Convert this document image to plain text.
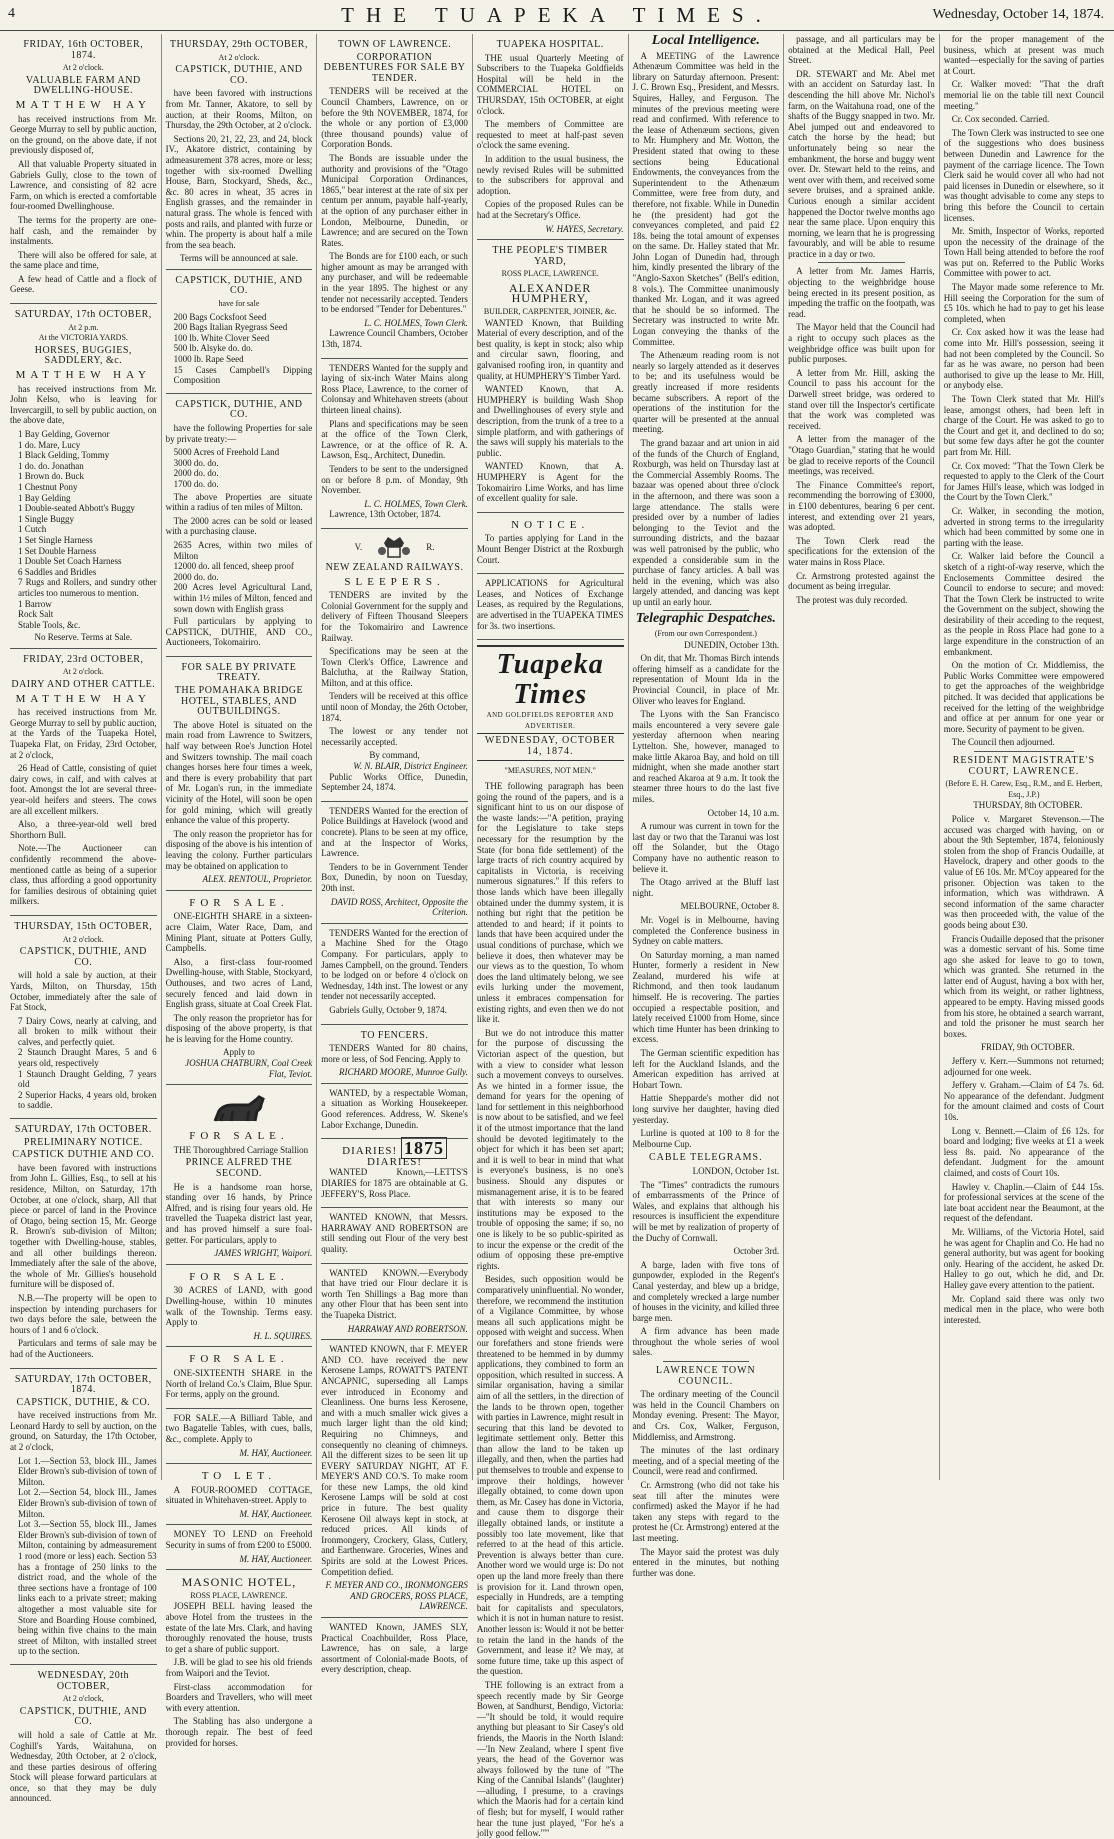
4	THE TUAPEKA TIMES.	Wednesday, October 14, 1874.
FRIDAY, 16th OCTOBER, 1874.
At 2 o'clock.
VALUABLE FARM AND DWELLING-HOUSE.
MATTHEW HAY

has received instructions from Mr. George Murray to sell by public auction, on the ground, on the above date, if not previously disposed of,

All that valuable Property situated in Gabriels Gully, close to the town of Lawrence, and consisting of 82 acre Farm, on which is erected a comfortable four-roomed Dwellinghouse.

The terms for the property are one-half cash, and the remainder by instalments.

There will also be offered for sale, at the same place and time,

A few head of Cattle and a flock of Geese.

SATURDAY, 17th OCTOBER,
At 2 p.m.
At the VICTORIA YARDS.
HORSES, BUGGIES, SADDLERY, &c.
MATTHEW HAY

has received instructions from Mr. John Kelso, who is leaving for Invercargill, to sell by public auction, on the above date,

1 Bay Gelding, Governor
1 do. Mare, Lucy
1 Black Gelding, Tommy
1 do. do. Jonathan
1 Brown do. Buck
1 Chestnut Pony
1 Bay Gelding
1 Double-seated Abbott's Buggy
1 Single Buggy
1 Cutch
1 Set Single Harness
1 Set Double Harness
1 Double Set Coach Harness
6 Saddles and Bridles
7 Rugs and Rollers, and sundry other articles too numerous to mention.
1 Barrow
Rock Salt
Stable Tools, &c.
No Reserve. Terms at Sale.
FRIDAY, 23rd OCTOBER,
At 2 o'clock.
DAIRY AND OTHER CATTLE.
MATTHEW HAY

has received instructions from Mr. George Murray to sell by public auction, at the Yards of the Tuapeka Hotel, Tuapeka Flat, on Friday, 23rd October, at 2 o'clock,

26 Head of Cattle, consisting of quiet dairy cows, in calf, and with calves at foot. Amongst the lot are several three-year-old heifers and steers. The cows are all excellent milkers.

Also, a three-year-old well bred Shorthorn Bull.

Note.—The Auctioneer can confidently recommend the above-mentioned cattle as being of a superior class, thus affording a good opportunity for families desirous of obtaining quiet milkers.

THURSDAY, 15th OCTOBER,
At 2 o'clock.
CAPSTICK, DUTHIE, AND CO.

will hold a sale by auction, at their Yards, Milton, on Thursday, 15th October, immediately after the sale of Fat Stock,

7 Dairy Cows, nearly at calving, and all broken to milk without their calves, and perfectly quiet.
2 Staunch Draught Mares, 5 and 6 years old, respectively
1 Staunch Draught Gelding, 7 years old
2 Superior Hacks, 4 years old, broken to saddle.
SATURDAY, 17th OCTOBER.
PRELIMINARY NOTICE.
CAPSTICK DUTHIE AND CO.

have been favored with instructions from John L. Gillies, Esq., to sell at his residence, Milton, on Saturday, 17th October, at one o'clock, sharp, All that piece or parcel of land in the Province of Otago, being section 15, Mr. George R. Brown's sub-division of Milton; together with Dwelling-house, stables, and all other buildings thereon. Immediately after the sale of the above, the whole of Mr. Gillies's household furniture will be disposed of.

N.B.—The property will be open to inspection by intending purchasers for two days before the sale, between the hours of 1 and 6 o'clock.

Particulars and terms of sale may be had of the Auctioneers.

SATURDAY, 17th OCTOBER, 1874.
CAPSTICK, DUTHIE, & CO.

have received instructions from Mr. Leonard Hardy to sell by auction, on the ground, on Saturday, the 17th October, at 2 o'clock,

Lot 1.—Section 53, block III., James Elder Brown's sub-division of town of Milton.
Lot 2.—Section 54, block III., James Elder Brown's sub-division of town of Milton.
Lot 3.—Section 55, block III., James Elder Brown's sub-division of town of Milton, containing by admeasurement 1 rood (more or less) each. Section 53 has a frontage of 250 links to the district road, and the whole of the three sections have a frontage of 100 links each to a private street; making altogether a most valuable site for Store and Boarding House combined, being within five chains to the main street of Milton, with installed street up to the section.
WEDNESDAY, 20th OCTOBER,
At 2 o'clock,
CAPSTICK, DUTHIE, AND CO.

will hold a sale of Cattle at Mr. Coghill's Yards, Waitahuna, on Wednesday, 20th October, at 2 o'clock, and these parties desirous of offering Stock will please forward particulars at once, so that they may be duly announced.

THURSDAY, 29th OCTOBER,
At 2 o'clock.
CAPSTICK, DUTHIE, AND CO.

have been favored with instructions from Mr. Tanner, Akatore, to sell by auction, at their Rooms, Milton, on Thursday, the 29th October, at 2 o'clock.

Sections 20, 21, 22, 23, and 24, block IV., Akatore district, containing by admeasurement 378 acres, more or less; together with six-roomed Dwelling House, Barn, Stockyard, Sheds, &c., &c. 80 acres in wheat, 35 acres in English grasses, and the remainder in natural grass. The whole is fenced with posts and rails, and planted with furze or whin. The property is about half a mile from the sea beach.

Terms will be announced at sale.
CAPSTICK, DUTHIE, AND CO.
have for sale
200 Bags Cocksfoot Seed
200 Bags Italian Ryegrass Seed
100 lb. White Clover Seed
500 lb. Alsyke do. do.
1000 lb. Rape Seed
15 Cases Campbell's Dipping Composition
CAPSTICK, DUTHIE, AND CO.

have the following Properties for sale by private treaty:—

5000 Acres of Freehold Land
3000 do. do.
2000 do. do.
1700 do. do.

The above Properties are situate within a radius of ten miles of Milton.

The 2000 acres can be sold or leased with a purchasing clause.

2635 Acres, within two miles of Milton
12000 do. all fenced, sheep proof
2000 do. do.
200 Acres level Agricultural Land, within 1½ miles of Milton, fenced and sown down with English grass

Full particulars by applying to CAPSTICK, DUTHIE, AND CO., Auctioneers, Tokomairiro.

FOR SALE BY PRIVATE TREATY.
THE POMAHAKA BRIDGE HOTEL, STABLES, AND OUTBUILDINGS.

The above Hotel is situated on the main road from Lawrence to Switzers, half way between Roe's Junction Hotel and Switzers township. The mail coach changes horses here four times a week, and there is every probability that part of Mr. Logan's run, in the immediate vicinity of the Hotel, will soon be open for gold mining, which will greatly enhance the value of this property.

The only reason the proprietor has for disposing of the above is his intention of leaving the colony. Further particulars may be obtained on application to

ALEX. RENTOUL, Proprietor.
FOR SALE.

ONE-EIGHTH SHARE in a sixteen-acre Claim, Water Race, Dam, and Mining Plant, situate at Potters Gully, Campbells.

Also, a first-class four-roomed Dwelling-house, with Stable, Stockyard, Outhouses, and two acres of Land, securely fenced and laid down in English grass, situate at Coal Creek Flat.

The only reason the proprietor has for disposing of the above property, is that he is leaving for the Home country.

Apply to
JOSHUA CHATBURN, Coal Creek Flat, Teviot.
FOR SALE.

THE Thoroughbred Carriage Stallion

PRINCE ALFRED THE SECOND.

He is a handsome roan horse, standing over 16 hands, by Prince Alfred, and is rising four years old. He travelled the Tuapeka district last year, and has proved himself a sure foal-getter. For particulars, apply to

JAMES WRIGHT, Waipori.
FOR SALE.

30 ACRES of LAND, with good Dwelling-house, within 10 minutes walk of the Township. Terms easy. Apply to

H. L. SQUIRES.
FOR SALE.

ONE-SIXTEENTH SHARE in the North of Ireland Co.'s Claim, Blue Spur. For terms, apply on the ground.

FOR SALE.—A Billiard Table, and two Bagatelle Tables, with cues, balls, &c., complete. Apply to

M. HAY, Auctioneer.
TO LET.

A FOUR-ROOMED COTTAGE, situated in Whitehaven-street. Apply to

M. HAY, Auctioneer.

MONEY TO LEND on Freehold Security in sums of from £200 to £5000.

M. HAY, Auctioneer.
MASONIC HOTEL,
ROSS PLACE, LAWRENCE.

JOSEPH BELL having leased the above Hotel from the trustees in the estate of the late Mrs. Clark, and having thoroughly renovated the house, trusts to get a share of public support.

J.B. will be glad to see his old friends from Waipori and the Teviot.

First-class accommodation for Boarders and Travellers, who will meet with every attention.

The Stabling has also undergone a thorough repair. The best of feed provided for horses.

TOWN OF LAWRENCE.
CORPORATION DEBENTURES FOR SALE BY TENDER.

TENDERS will be received at the Council Chambers, Lawrence, on or before the 9th NOVEMBER, 1874, for the whole or any portion of £3,000 (three thousand pounds) value of Corporation Bonds.

The Bonds are issuable under the authority and provisions of the "Otago Municipal Corporation Ordinances, 1865," bear interest at the rate of six per centum per annum, payable half-yearly, at the option of any purchaser either in London, Melbourne, Dunedin, or Lawrence; and are secured on the Town Rates.

The Bonds are for £100 each, or such higher amount as may be arranged with any purchaser, and will be redeemable in the year 1895. The highest or any tender not necessarily accepted. Tenders to be endorsed "Tender for Debentures."

L. C. HOLMES, Town Clerk.

Lawrence Council Chambers, October 13th, 1874.

TENDERS Wanted for the supply and laying of six-inch Water Mains along Ross Place, Lawrence, to the corner of Colonsay and Whitehaven streets (about thirteen lineal chains).

Plans and specifications may be seen at the office of the Town Clerk, Lawrence, or at the office of R. A. Lawson, Esq., Architect, Dunedin.

Tenders to be sent to the undersigned on or before 8 p.m. of Monday, 9th November.

L. C. HOLMES, Town Clerk.

Lawrence, 13th October, 1874.

V.	R.
NEW ZEALAND RAILWAYS.
SLEEPERS.

TENDERS are invited by the Colonial Government for the supply and delivery of Fifteen Thousand Sleepers for the Tokomairiro and Lawrence Railway.

Specifications may be seen at the Town Clerk's Office, Lawrence and Balclutha, at the Railway Station, Milton, and at this office.

Tenders will be received at this office until noon of Monday, the 26th October, 1874.

The lowest or any tender not necessarily accepted.

By command,
W. N. BLAIR, District Engineer.

Public Works Office, Dunedin, September 24, 1874.

TENDERS Wanted for the erection of Police Buildings at Havelock (wood and concrete). Plans to be seen at my office, and at the Inspector of Works, Lawrence.

Tenders to be in Government Tender Box, Dunedin, by noon on Tuesday, 20th inst.

DAVID ROSS, Architect, Opposite the Criterion.

TENDERS Wanted for the erection of a Machine Shed for the Otago Company. For particulars, apply to James Campbell, on the ground. Tenders to be lodged on or before 4 o'clock on Wednesday, 14th inst. The lowest or any tender not necessarily accepted.

Gabriels Gully, October 9, 1874.

TO FENCERS.

TENDERS Wanted for 80 chains, more or less, of Sod Fencing. Apply to

RICHARD MOORE, Munroe Gully.

WANTED, by a respectable Woman, a situation as Working Housekeeper. Good references. Address, W. Skene's Labor Exchange, Dunedin.

DIARIES! 1875 DIARIES!

WANTED Known,—LETTS'S DIARIES for 1875 are obtainable at G. JEFFERY'S, Ross Place.

WANTED KNOWN, that Messrs. HARRAWAY AND ROBERTSON are still sending out Flour of the very best quality.

WANTED KNOWN.—Everybody that have tried our Flour declare it is worth Ten Shillings a Bag more than any other Flour that has been sent into the Tuapeka District.

HARRAWAY AND ROBERTSON.

WANTED KNOWN, that F. MEYER AND CO. have received the new Kerosene Lamps, ROWATT'S PATENT ANCAPNIC, superseding all Lamps ever introduced in Economy and Cleanliness. One burns less Kerosene, and with a much smaller wick gives a much larger light than the old kind; Requiring no Chimneys, and consequently no cleaning of chimneys. All the different sizes to be seen lit up EVERY SATURDAY NIGHT, AT F. MEYER'S AND CO.'S. To make room for these new Lamps, the old kind Kerosene Lamps will be sold at cost price in future. The best quality Kerosene Oil always kept in stock, at reduced prices. All kinds of Ironmongery, Crockery, Glass, Cutlery, and Earthenware. Groceries, Wines and Spirits are sold at the Lowest Prices. Competition defied.

F. MEYER AND CO., IRONMONGERS AND GROCERS, ROSS PLACE, LAWRENCE.

WANTED Known, JAMES SLY, Practical Coachbuilder, Ross Place, Lawrence, has on sale, a large assortment of Colonial-made Boots, of every description, cheap.

TUAPEKA HOSPITAL.

THE usual Quarterly Meeting of Subscribers to the Tuapeka Goldfields Hospital will be held in the COMMERCIAL HOTEL on THURSDAY, 15th OCTOBER, at eight o'clock.

The members of Committee are requested to meet at half-past seven o'clock the same evening.

In addition to the usual business, the newly revised Rules will be submitted to the subscribers for approval and adoption.

Copies of the proposed Rules can be had at the Secretary's Office.

W. HAYES, Secretary.
THE PEOPLE'S TIMBER YARD,
ROSS PLACE, LAWRENCE.
ALEXANDER HUMPHERY,
BUILDER, CARPENTER, JOINER, &c.

WANTED Known, that Building Material of every description, and of the best quality, is kept in stock; also whip and circular sawn, flooring, and galvanised roofing iron, in quantity and quality, at HUMPHERY'S Timber Yard.

WANTED Known, that A. HUMPHERY is building Wash Shop and Dwellinghouses of every style and description, from the trunk of a tree to a simple platform, and with gatherings of the saws will supply his materials to the public.

WANTED Known, that A. HUMPHERY is Agent for the Tokomairiro Lime Works, and has lime of excellent quality for sale.

NOTICE.

To parties applying for Land in the Mount Benger District at the Roxburgh Court.

APPLICATIONS for Agricultural Leases, and Notices of Exchange Leases, as required by the Regulations, are advertised in the TUAPEKA TIMES for 3s. two insertions.

Tuapeka Times
AND GOLDFIELDS REPORTER AND ADVERTISER.
WEDNESDAY, OCTOBER 14, 1874.
"MEASURES, NOT MEN."

THE following paragraph has been going the round of the papers, and is a significant hint to us on our dispose of the waste lands:—"A petition, praying for the Legislature to take steps necessary for the resumption by the State (for bona fide settlement) of the large tracts of rich country acquired by capitalists in Victoria, is receiving numerous signatures." If this refers to those lands which have been illegally obtained under the dummy system, it is nothing but right that the petition be attended to and heard; if it points to lands that have been acquired under the usual conditions of purchase, which we believe it does, then whatever may be our views as to the question, To whom does the land ultimately belong, we see evils lurking under the movement, unless it embraces compensation for existing rights, and even then we do not like it.

But we do not introduce this matter for the purpose of discussing the Victorian aspect of the question, but with a view to consider what lesson such a movement conveys to ourselves. As we hinted in a former issue, the demand for years for the opening of land for settlement in this neighborhood is now about to be satisfied, and we feel it of the utmost importance that the land should be devoted legitimately to the object for which it has been set apart; and it is well to bear in mind that what is everyone's business, is no one's business. Should any disputes or mismanagement arise, it is to be feared that with interests so many our institutions may be exposed to the trouble of opposing the same; if so, no one is likely to be so public-spirited as to incur the expense or the credit of the odium of opposing these pre-emptive rights.

Besides, such opposition would be comparatively uninfluential. No wonder, therefore, we recommend the institution of a Vigilance Committee, by whose means all such applications might be opposed with weight and success. When our forefathers and stone friends were threatened to be hemmed in by dummy applications, they combined to form an opposition, which resulted in success. A similar organisation, having a similar aim of all the settlers, in the direction of the lands to be thrown open, together with parties in Lawrence, might result in securing that this land be devoted to legitimate settlement only. Better this than allow the land to be taken up illegally, and then, when the parties had put themselves to trouble and expense to improve their holdings, however illegally obtained, to come down upon them, as Mr. Casey has done in Victoria, and cause them to disgorge their illegally obtained lands, or institute a possibly too late movement, like that referred to at the head of this article. Prevention is always better than cure. Another word we would urge is: Do not open up the land more freely than there is provision for it. Land thrown open, especially in Hundreds, are a tempting bait for capitalists and speculators, which it is not in human nature to resist. Another lesson is: Would it not be better to retain the land in the hands of the Government, and lease it? We may, at some future time, take up this aspect of the question.

THE following is an extract from a speech recently made by Sir George Bowen, at Sandhurst, Bendigo, Victoria:—"It should be told, it would require anything but pleasant to Sir Casey's old friends, the Maoris in the North Island:—'In New Zealand, where I spent five years, the head of the Governor was always followed by the tune of "The King of the Cannibal Islands" (laughter)—alluding, I presume, to a cravings which the Maoris had for a certain kind of flesh; but for myself, I would rather hear the tune just played, "For he's a jolly good fellow."'"

Local Intelligence.

A MEETING of the Lawrence Athenæum Committee was held in the library on Saturday afternoon. Present: J. C. Brown Esq., President, and Messrs. Squires, Halley, and Ferguson. The minutes of the previous meeting were read and confirmed. With reference to the lease of Athenæum sections, given to Mr. Humphery and Mr. Wotton, the President stated that owing to these sections being Educational Endowments, the conveyances from the Superintendent to the Athenæum Committee, were free from duty, and therefore, not fixable. While in Dunedin he (the president) had got the conveyances completed, and paid £2 18s. being the total amount of expenses on the same. Dr. Halley stated that Mr. John Logan of Dunedin had, through him, kindly presented the library of the "Anglo-Saxon Sketches" (Bell's edition, 8 vols.). The Committee unanimously thanked Mr. Logan, and it was agreed that he should be so informed. The Secretary was instructed to write Mr. Logan conveying the thanks of the Committee.

The Athenæum reading room is not nearly so largely attended as it deserves to be; and its usefulness would be greatly increased if more residents became subscribers. A report of the operations of the institution for the quarter will be presented at the annual meeting.

The grand bazaar and art union in aid of the funds of the Church of England, Roxburgh, was held on Thursday last at the Commercial Assembly Rooms. The bazaar was opened about three o'clock in the afternoon, and there was soon a large attendance. The stalls were presided over by a number of ladies belonging to the Teviot and the surrounding districts, and the bazaar was well patronised by the public, who expended a considerable sum in the purchase of fancy articles. A ball was held in the evening, which was also largely attended, and dancing was kept up until an early hour.

Telegraphic Despatches.
(From our own Correspondent.)

DUNEDIN, October 13th.

On dit, that Mr. Thomas Birch intends offering himself as a candidate for the representation of Mount Ida in the Provincial Council, in place of Mr. Oliver who leaves for England.

The Lyons with the San Francisco mails encountered a very severe gale yesterday afternoon when nearing Lyttelton. She, however, managed to make little Akaroa Bay, and hold on till midnight, when she made another start and reached Akaroa at 9 a.m. It took the steamer three hours to do the last five miles.

October 14, 10 a.m.

A rumour was current in town for the last day or two that the Taranui was lost off the Solander, but the Otago Company have no authentic reason to believe it.

The Otago arrived at the Bluff last night.

MELBOURNE, October 8.

Mr. Vogel is in Melbourne, having completed the Conference business in Sydney on cable matters.

On Saturday morning, a man named Hunter, formerly a resident in New Zealand, murdered his wife at Richmond, and then took laudanum himself. He is recovering. The parties occupied a respectable position, and lately received £1000 from Home, since which time Hunter has been drinking to excess.

The German scientific expedition has left for the Auckland Islands, and the American expedition has arrived at Hobart Town.

Hattie Shepparde's mother did not long survive her daughter, having died yesterday.

Lurline is quoted at 100 to 8 for the Melbourne Cup.

CABLE TELEGRAMS.

LONDON, October 1st.

The "Times" contradicts the rumours of embarrassments of the Prince of Wales, and explains that although his resources is insufficient the expenditure will be met by realization of property of the Duchy of Cornwall.

October 3rd.

A barge, laden with five tons of gunpowder, exploded in the Regent's Canal yesterday, and blew up a bridge, and completely wrecked a large number of houses in the vicinity, and killed three barge men.

A firm advance has been made throughout the whole series of wool sales.

LAWRENCE TOWN COUNCIL.

The ordinary meeting of the Council was held in the Council Chambers on Monday evening. Present: The Mayor, and Crs. Cox, Walker, Ferguson, Middlemiss, and Armstrong.

The minutes of the last ordinary meeting, and of a special meeting of the Council, were read and confirmed.

Cr. Armstrong (who did not take his seat till after the minutes were confirmed) asked the Mayor if he had taken any steps with regard to the protest he (Cr. Armstrong) entered at the last meeting.

The Mayor said the protest was duly entered in the minutes, but nothing further was done.

passage, and all particulars may be obtained at the Medical Hall, Peel Street.

DR. STEWART and Mr. Abel met with an accident on Saturday last. In descending the hill above Mr. Nichol's farm, on the Waitahuna road, one of the shafts of the Buggy snapped in two. Mr. Abel jumped out and endeavored to catch the horse by the head; but unfortunately being so near the embankment, the horse and buggy went over. Dr. Stewart held to the reins, and went over with them, and received some severe bruises, and a sprained ankle. Curious enough a similar accident happened the Doctor twelve months ago near the same place. Upon enquiry this morning, we learn that he is progressing favourably, and will be able to resume practice in a day or two.

A letter from Mr. James Harris, objecting to the weighbridge house being erected in its present position, as impeding the traffic on the footpath, was read.

The Mayor held that the Council had a right to occupy such places as the weighbridge office was built upon for public purposes.

A letter from Mr. Hill, asking the Council to pass his account for the Darwell street bridge, was ordered to stand over till the Inspector's certificate that the work was completed was received.

A letter from the manager of the "Otago Guardian," stating that he would be glad to receive reports of the Council meetings, was received.

The Finance Committee's report, recommending the borrowing of £3000, in £100 debentures, bearing 6 per cent. interest, and extending over 21 years, was adopted.

The Town Clerk read the specifications for the extension of the water mains in Ross Place.

Cr. Armstrong protested against the document as being irregular.

The protest was duly recorded.

for the proper management of the business, which at present was much wanted—especially for the saving of parties at Court.

Cr. Walker moved: "That the draft memorial lie on the table till next Council meeting."

Cr. Cox seconded. Carried.

The Town Clerk was instructed to see one of the suggestions who does business between Dunedin and Lawrence for the payment of the carriage licence. The Town Clerk said he would cover all who had not paid licenses in Dunedin or elsewhere, so it was thought advisable to come any steps to bring this before the Council to certain licenses.

Mr. Smith, Inspector of Works, reported upon the necessity of the drainage of the Town Hall being attended to before the roof was put on. Referred to the Public Works Committee with power to act.

The Mayor made some reference to Mr. Hill seeing the Corporation for the sum of £5 10s. which he had to pay to get his lease completed, when

Cr. Cox asked how it was the lease had come into Mr. Hill's possession, seeing it had not been completed by the Council. So far as he was aware, no person had been authorised to give up the lease to Mr. Hill, or anybody else.

The Town Clerk stated that Mr. Hill's lease, amongst others, had been left in charge of the Court. He was asked to go to the Court and get it, and declined to do so; but some few days after he got the counter part from Mr. Hill.

Cr. Cox moved: "That the Town Clerk be requested to apply to the Clerk of the Court for James Hill's lease, which was lodged in the Court by the Town Clerk."

Cr. Walker, in seconding the motion, adverted in strong terms to the irregularity which had been committed by some one in parting with the lease.

Cr. Walker laid before the Council a sketch of a right-of-way reserve, which the Enclosements Committee desired the Council to endorse to secure; and moved: That the Town Clerk be instructed to write the Government on the subject, showing the desirability of their acceding to the request, as the people in Ross Place had gone to a large expenditure in the construction of an embankment.

On the motion of Cr. Middlemiss, the Public Works Committee were empowered to get the approaches of the weighbridge pitched. It was decided that applications be received for the letting of the weighbridge and office at per annum for one year or more. Security of payment to be given.

The Council then adjourned.

RESIDENT MAGISTRATE'S COURT, LAWRENCE.
(Before E. H. Carew, Esq., R.M., and E. Herbert, Esq., J.P.)

THURSDAY, 8th OCTOBER.

Police v. Margaret Stevenson.—The accused was charged with having, on or about the 9th September, 1874, feloniously stolen from the shop of Francis Oudaille, at Havelock, drapery and other goods to the value of £6 10s. Mr. M'Coy appeared for the prisoner. Objection was taken to the information, which was withdrawn. A second information of the same character was then proceeded with, the value of the goods being about £30.

Francis Oudaille deposed that the prisoner was a domestic servant of his. Some time ago she asked for leave to go to town, which was granted. She returned in the latter end of August, having a box with her, which from its weight, or rather lightness, appeared to be empty. Having missed goods from his store, he obtained a search warrant, and told the prisoner he must search her boxes.

FRIDAY, 9th OCTOBER.

Jeffery v. Kerr.—Summons not returned; adjourned for one week.

Jeffery v. Graham.—Claim of £4 7s. 6d. No appearance of the defendant. Judgment for the amount claimed and costs of Court 10s.

Long v. Bennett.—Claim of £6 12s. for board and lodging; five weeks at £1 a week less 8s. paid. No appearance of the defendant. Judgment for the amount claimed, and costs of Court 10s.

Hawley v. Chaplin.—Claim of £44 15s. for professional services at the scene of the late boat accident near the Beaumont, at the request of the defendant.

Mr. Williams, of the Victoria Hotel, said he was agent for Chaplin and Co. He had no general authority, but was agent for booking only. Hearing of the accident, he asked Dr. Halley to go out, which he did, and Dr. Halley gave every attention to the patient.

Mr. Copland said there was only two medical men in the place, who were both interested.
